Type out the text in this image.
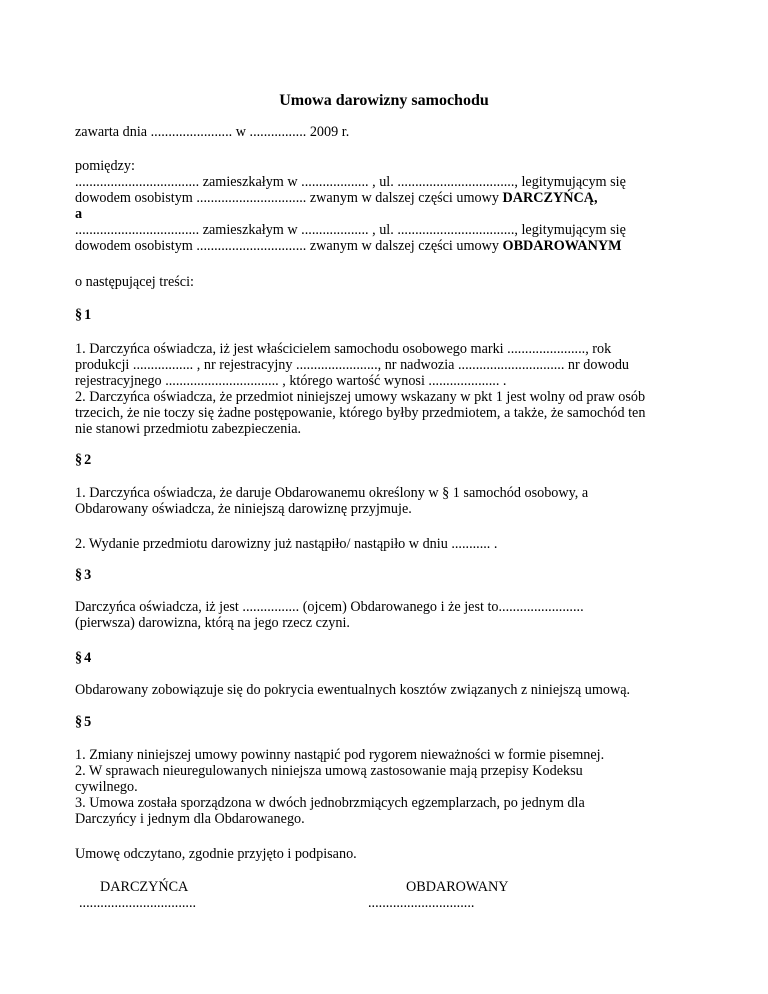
Umowa darowizny samochodu
zawarta dnia ....................... w ................ 2009 r.
pomiędzy:
................................... zamieszkałym w ................... , ul. ................................., legitymującym się
dowodem osobistym ............................... zwanym w dalszej części umowy DARCZYŃCĄ,
a
................................... zamieszkałym w ................... , ul. ................................., legitymującym się
dowodem osobistym ............................... zwanym w dalszej części umowy OBDAROWANYM
o następującej treści:
§1
1. Darczyńca oświadcza, iż jest właścicielem samochodu osobowego marki ......................, rok
produkcji ................. , nr rejestracyjny ......................., nr nadwozia .............................. nr dowodu
rejestracyjnego ................................ , którego wartość wynosi .................... .
2. Darczyńca oświadcza, że przedmiot niniejszej umowy wskazany w pkt 1 jest wolny od praw osób
trzecich, że nie toczy się żadne postępowanie, którego byłby przedmiotem, a także, że samochód ten
nie stanowi przedmiotu zabezpieczenia.
§2
1. Darczyńca oświadcza, że daruje Obdarowanemu określony w § 1 samochód osobowy, a
Obdarowany oświadcza, że niniejszą darowiznę przyjmuje.
2. Wydanie przedmiotu darowizny już nastąpiło/ nastąpiło w dniu ........... .
§3
Darczyńca oświadcza, iż jest ................ (ojcem) Obdarowanego i że jest to........................
(pierwsza) darowizna, którą na jego rzecz czyni.
§4
Obdarowany zobowiązuje się do pokrycia ewentualnych kosztów związanych z niniejszą umową.
§5
1. Zmiany niniejszej umowy powinny nastąpić pod rygorem nieważności w formie pisemnej.
2. W sprawach nieuregulowanych niniejsza umową zastosowanie mają przepisy Kodeksu
cywilnego.
3. Umowa została sporządzona w dwóch jednobrzmiących egzemplarzach, po jednym dla
Darczyńcy i jednym dla Obdarowanego.
Umowę odczytano, zgodnie przyjęto i podpisano.
DARCZYŃCA
.................................
OBDAROWANY
..............................
